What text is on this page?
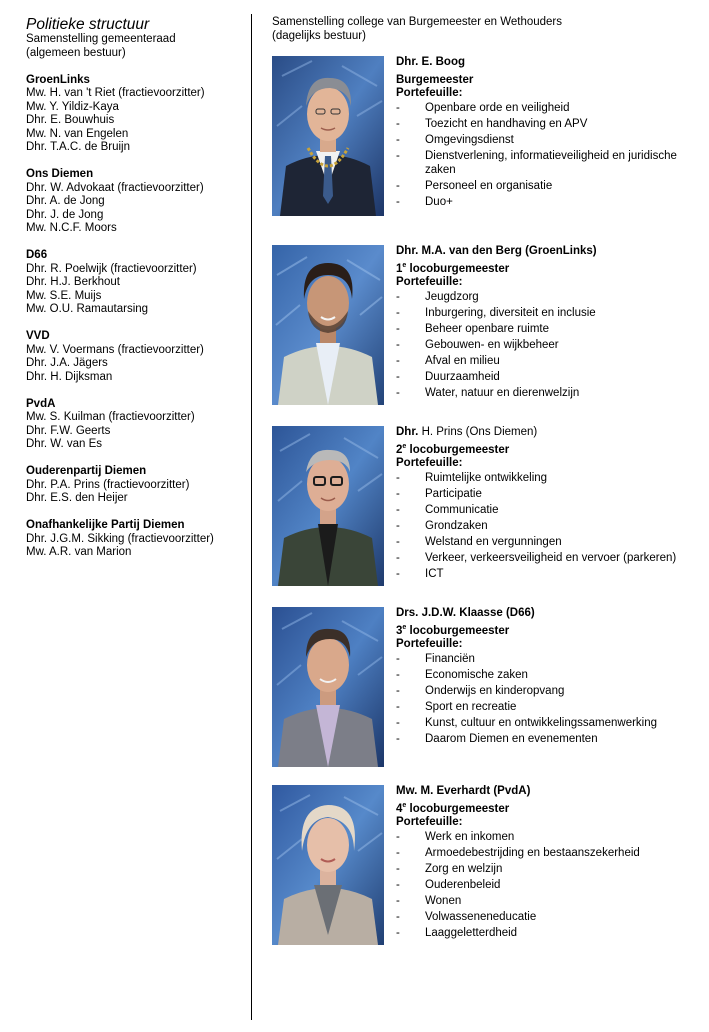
Politieke structuur
Samenstelling gemeenteraad
(algemeen bestuur)
GroenLinks
Mw. H. van 't Riet (fractievoorzitter)
Mw. Y. Yildiz-Kaya
Dhr. E. Bouwhuis
Mw. N. van Engelen
Dhr. T.A.C. de Bruijn
Ons Diemen
Dhr. W. Advokaat (fractievoorzitter)
Dhr. A. de Jong
Dhr. J. de Jong
Mw. N.C.F. Moors
D66
Dhr. R. Poelwijk (fractievoorzitter)
Dhr. H.J. Berkhout
Mw. S.E. Muijs
Mw. O.U. Ramautarsing
VVD
Mw. V. Voermans (fractievoorzitter)
Dhr. J.A. Jägers
Dhr. H. Dijksman
PvdA
Mw. S. Kuilman (fractievoorzitter)
Dhr. F.W. Geerts
Dhr. W. van Es
Ouderenpartij Diemen
Dhr. P.A. Prins (fractievoorzitter)
Dhr. E.S. den Heijer
Onafhankelijke Partij Diemen
Dhr. J.G.M. Sikking (fractievoorzitter)
Mw. A.R. van Marion
Samenstelling college van Burgemeester en Wethouders
(dagelijks bestuur)
Dhr. E. Boog
Burgemeester
Portefeuille:
- Openbare orde en veiligheid
- Toezicht en handhaving en APV
- Omgevingsdienst
- Dienstverlening, informatieveiligheid en juridische zaken
- Personeel en organisatie
- Duo+
Dhr. M.A. van den Berg (GroenLinks)
1e locoburgemeester
Portefeuille:
- Jeugdzorg
- Inburgering, diversiteit en inclusie
- Beheer openbare ruimte
- Gebouwen- en wijkbeheer
- Afval en milieu
- Duurzaamheid
- Water, natuur en dierenwelzijn
Dhr. H. Prins (Ons Diemen)
2e locoburgemeester
Portefeuille:
- Ruimtelijke ontwikkeling
- Participatie
- Communicatie
- Grondzaken
- Welstand en vergunningen
- Verkeer, verkeersveiligheid en vervoer (parkeren)
- ICT
Drs. J.D.W. Klaasse (D66)
3e locoburgemeester
Portefeuille:
- Financiën
- Economische zaken
- Onderwijs en kinderopvang
- Sport en recreatie
- Kunst, cultuur en ontwikkelingssamenwerking
- Daarom Diemen en evenementen
Mw. M. Everhardt (PvdA)
4e locoburgemeester
Portefeuille:
- Werk en inkomen
- Armoedebestrijding en bestaanszekerheid
- Zorg en welzijn
- Ouderenbeleid
- Wonen
- Volwasseneneducatie
- Laaggeletterdheid
